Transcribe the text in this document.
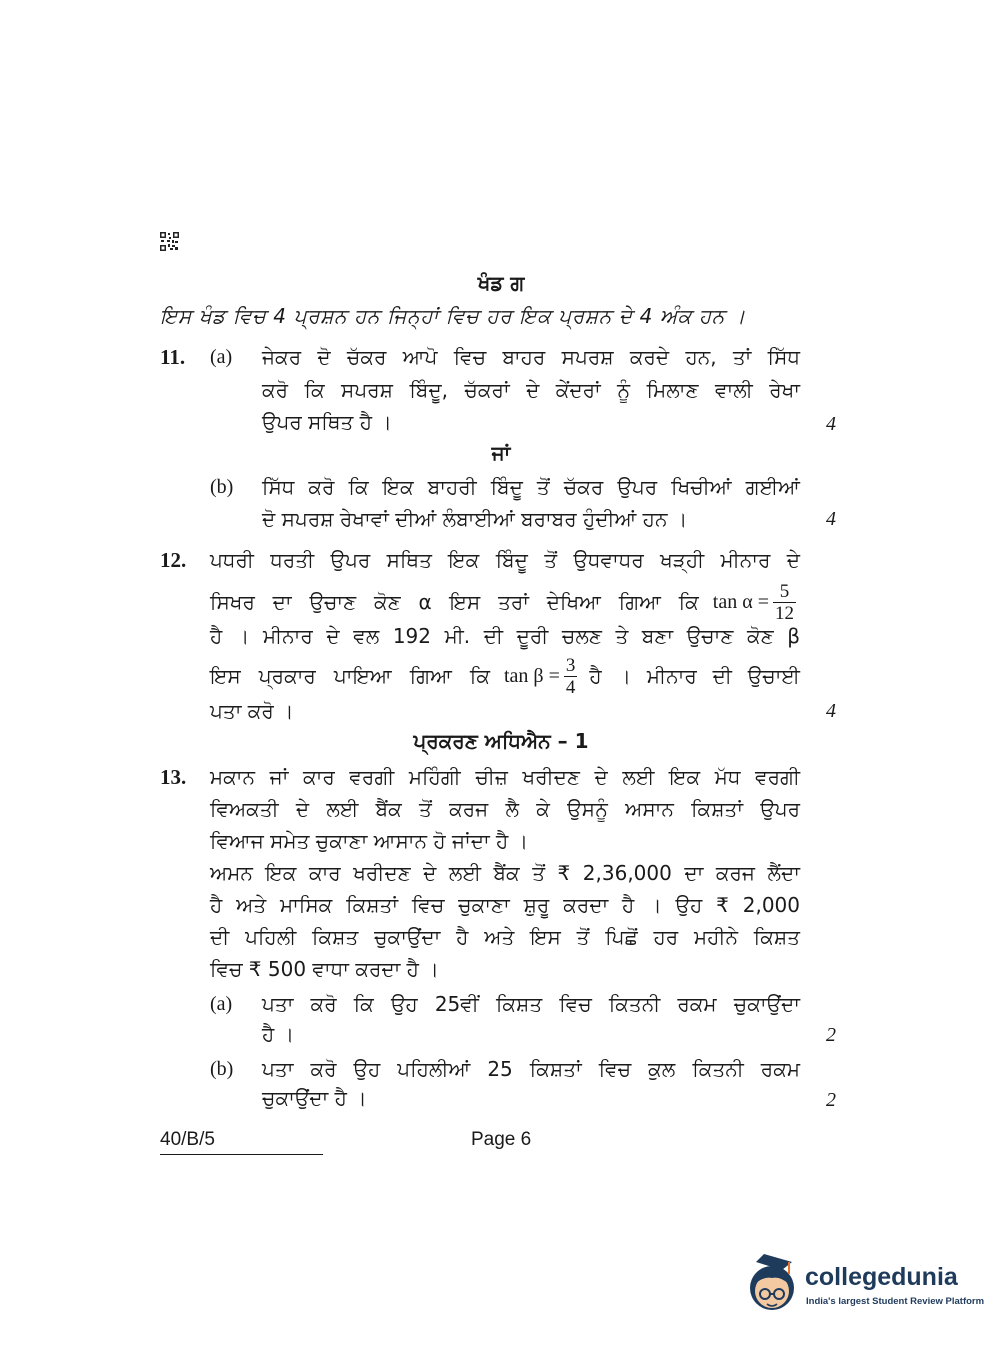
ਖੰਡ ਗ
ਇਸ ਖੰਡ ਵਿਚ 4 ਪ੍ਰਸ਼ਨ ਹਨ ਜਿਨ੍ਹਾਂ ਵਿਚ ਹਰ ਇਕ ਪ੍ਰਸ਼ਨ ਦੇ 4 ਅੰਕ ਹਨ ।
11. (a) ਜੇਕਰ ਦੋ ਚੱਕਰ ਆਪੋ ਵਿਚ ਬਾਹਰ ਸਪਰਸ਼ ਕਰਦੇ ਹਨ, ਤਾਂ ਸਿੱਧ
ਕਰੋ ਕਿ ਸਪਰਸ਼ ਬਿੰਦੂ, ਚੱਕਰਾਂ ਦੇ ਕੇਂਦਰਾਂ ਨੂੰ ਮਿਲਾਣ ਵਾਲੀ ਰੇਖਾ
ਉਪਰ ਸਥਿਤ ਹੈ ।	4
ਜਾਂ
(b) ਸਿੱਧ ਕਰੋ ਕਿ ਇਕ ਬਾਹਰੀ ਬਿੰਦੂ ਤੋਂ ਚੱਕਰ ਉਪਰ ਖਿਚੀਆਂ ਗਈਆਂ
ਦੋ ਸਪਰਸ਼ ਰੇਖਾਵਾਂ ਦੀਆਂ ਲੰਬਾਈਆਂ ਬਰਾਬਰ ਹੁੰਦੀਆਂ ਹਨ ।	4
12. ਪਧਰੀ ਧਰਤੀ ਉਪਰ ਸਥਿਤ ਇਕ ਬਿੰਦੂ ਤੋਂ ਉਧਵਾਧਰ ਖੜ੍ਹੀ ਮੀਨਾਰ ਦੇ
ਸਿਖਰ ਦਾ ਉਚਾਣ ਕੋਣ α ਇਸ ਤਰਾਂ ਦੇਖਿਆ ਗਿਆ ਕਿ $\tan \alpha = \frac{5}{12}$
ਹੈ । ਮੀਨਾਰ ਦੇ ਵਲ 192 ਮੀ. ਦੀ ਦੂਰੀ ਚਲਣ ਤੇ ਬਣਾ ਉਚਾਣ ਕੋਣ β
ਇਸ ਪ੍ਰਕਾਰ ਪਾਇਆ ਗਿਆ ਕਿ $\tan \beta = \frac{3}{4}$ ਹੈ । ਮੀਨਾਰ ਦੀ ਉਚਾਈ
ਪਤਾ ਕਰੋ ।	4
ਪ੍ਰਕਰਣ ਅਧਿਐਨ – 1
13. ਮਕਾਨ ਜਾਂ ਕਾਰ ਵਰਗੀ ਮਹਿੰਗੀ ਚੀਜ਼ ਖਰੀਦਣ ਦੇ ਲਈ ਇਕ ਮੱਧ ਵਰਗੀ
ਵਿਅਕਤੀ ਦੇ ਲਈ ਬੈਂਕ ਤੋਂ ਕਰਜ ਲੈ ਕੇ ਉਸਨੂੰ ਅਸਾਨ ਕਿਸ਼ਤਾਂ ਉਪਰ
ਵਿਆਜ ਸਮੇਤ ਚੁਕਾਣਾ ਆਸਾਨ ਹੋ ਜਾਂਦਾ ਹੈ ।
ਅਮਨ ਇਕ ਕਾਰ ਖਰੀਦਣ ਦੇ ਲਈ ਬੈਂਕ ਤੋਂ ₹ 2,36,000 ਦਾ ਕਰਜ ਲੈਂਦਾ
ਹੈ ਅਤੇ ਮਾਸਿਕ ਕਿਸ਼ਤਾਂ ਵਿਚ ਚੁਕਾਣਾ ਸ਼ੁਰੂ ਕਰਦਾ ਹੈ । ਉਹ ₹ 2,000
ਦੀ ਪਹਿਲੀ ਕਿਸ਼ਤ ਚੁਕਾਉਂਦਾ ਹੈ ਅਤੇ ਇਸ ਤੋਂ ਪਿਛੋਂ ਹਰ ਮਹੀਨੇ ਕਿਸ਼ਤ
ਵਿਚ ₹ 500 ਵਾਧਾ ਕਰਦਾ ਹੈ ।
(a) ਪਤਾ ਕਰੋ ਕਿ ਉਹ 25ਵੀਂ ਕਿਸ਼ਤ ਵਿਚ ਕਿਤਨੀ ਰਕਮ ਚੁਕਾਉਂਦਾ
ਹੈ ।	2
(b) ਪਤਾ ਕਰੋ ਉਹ ਪਹਿਲੀਆਂ 25 ਕਿਸ਼ਤਾਂ ਵਿਚ ਕੁਲ ਕਿਤਨੀ ਰਕਮ
ਚੁਕਾਉਂਦਾ ਹੈ ।	2
40/B/5	Page 6
collegedunia
India's largest Student Review Platform
